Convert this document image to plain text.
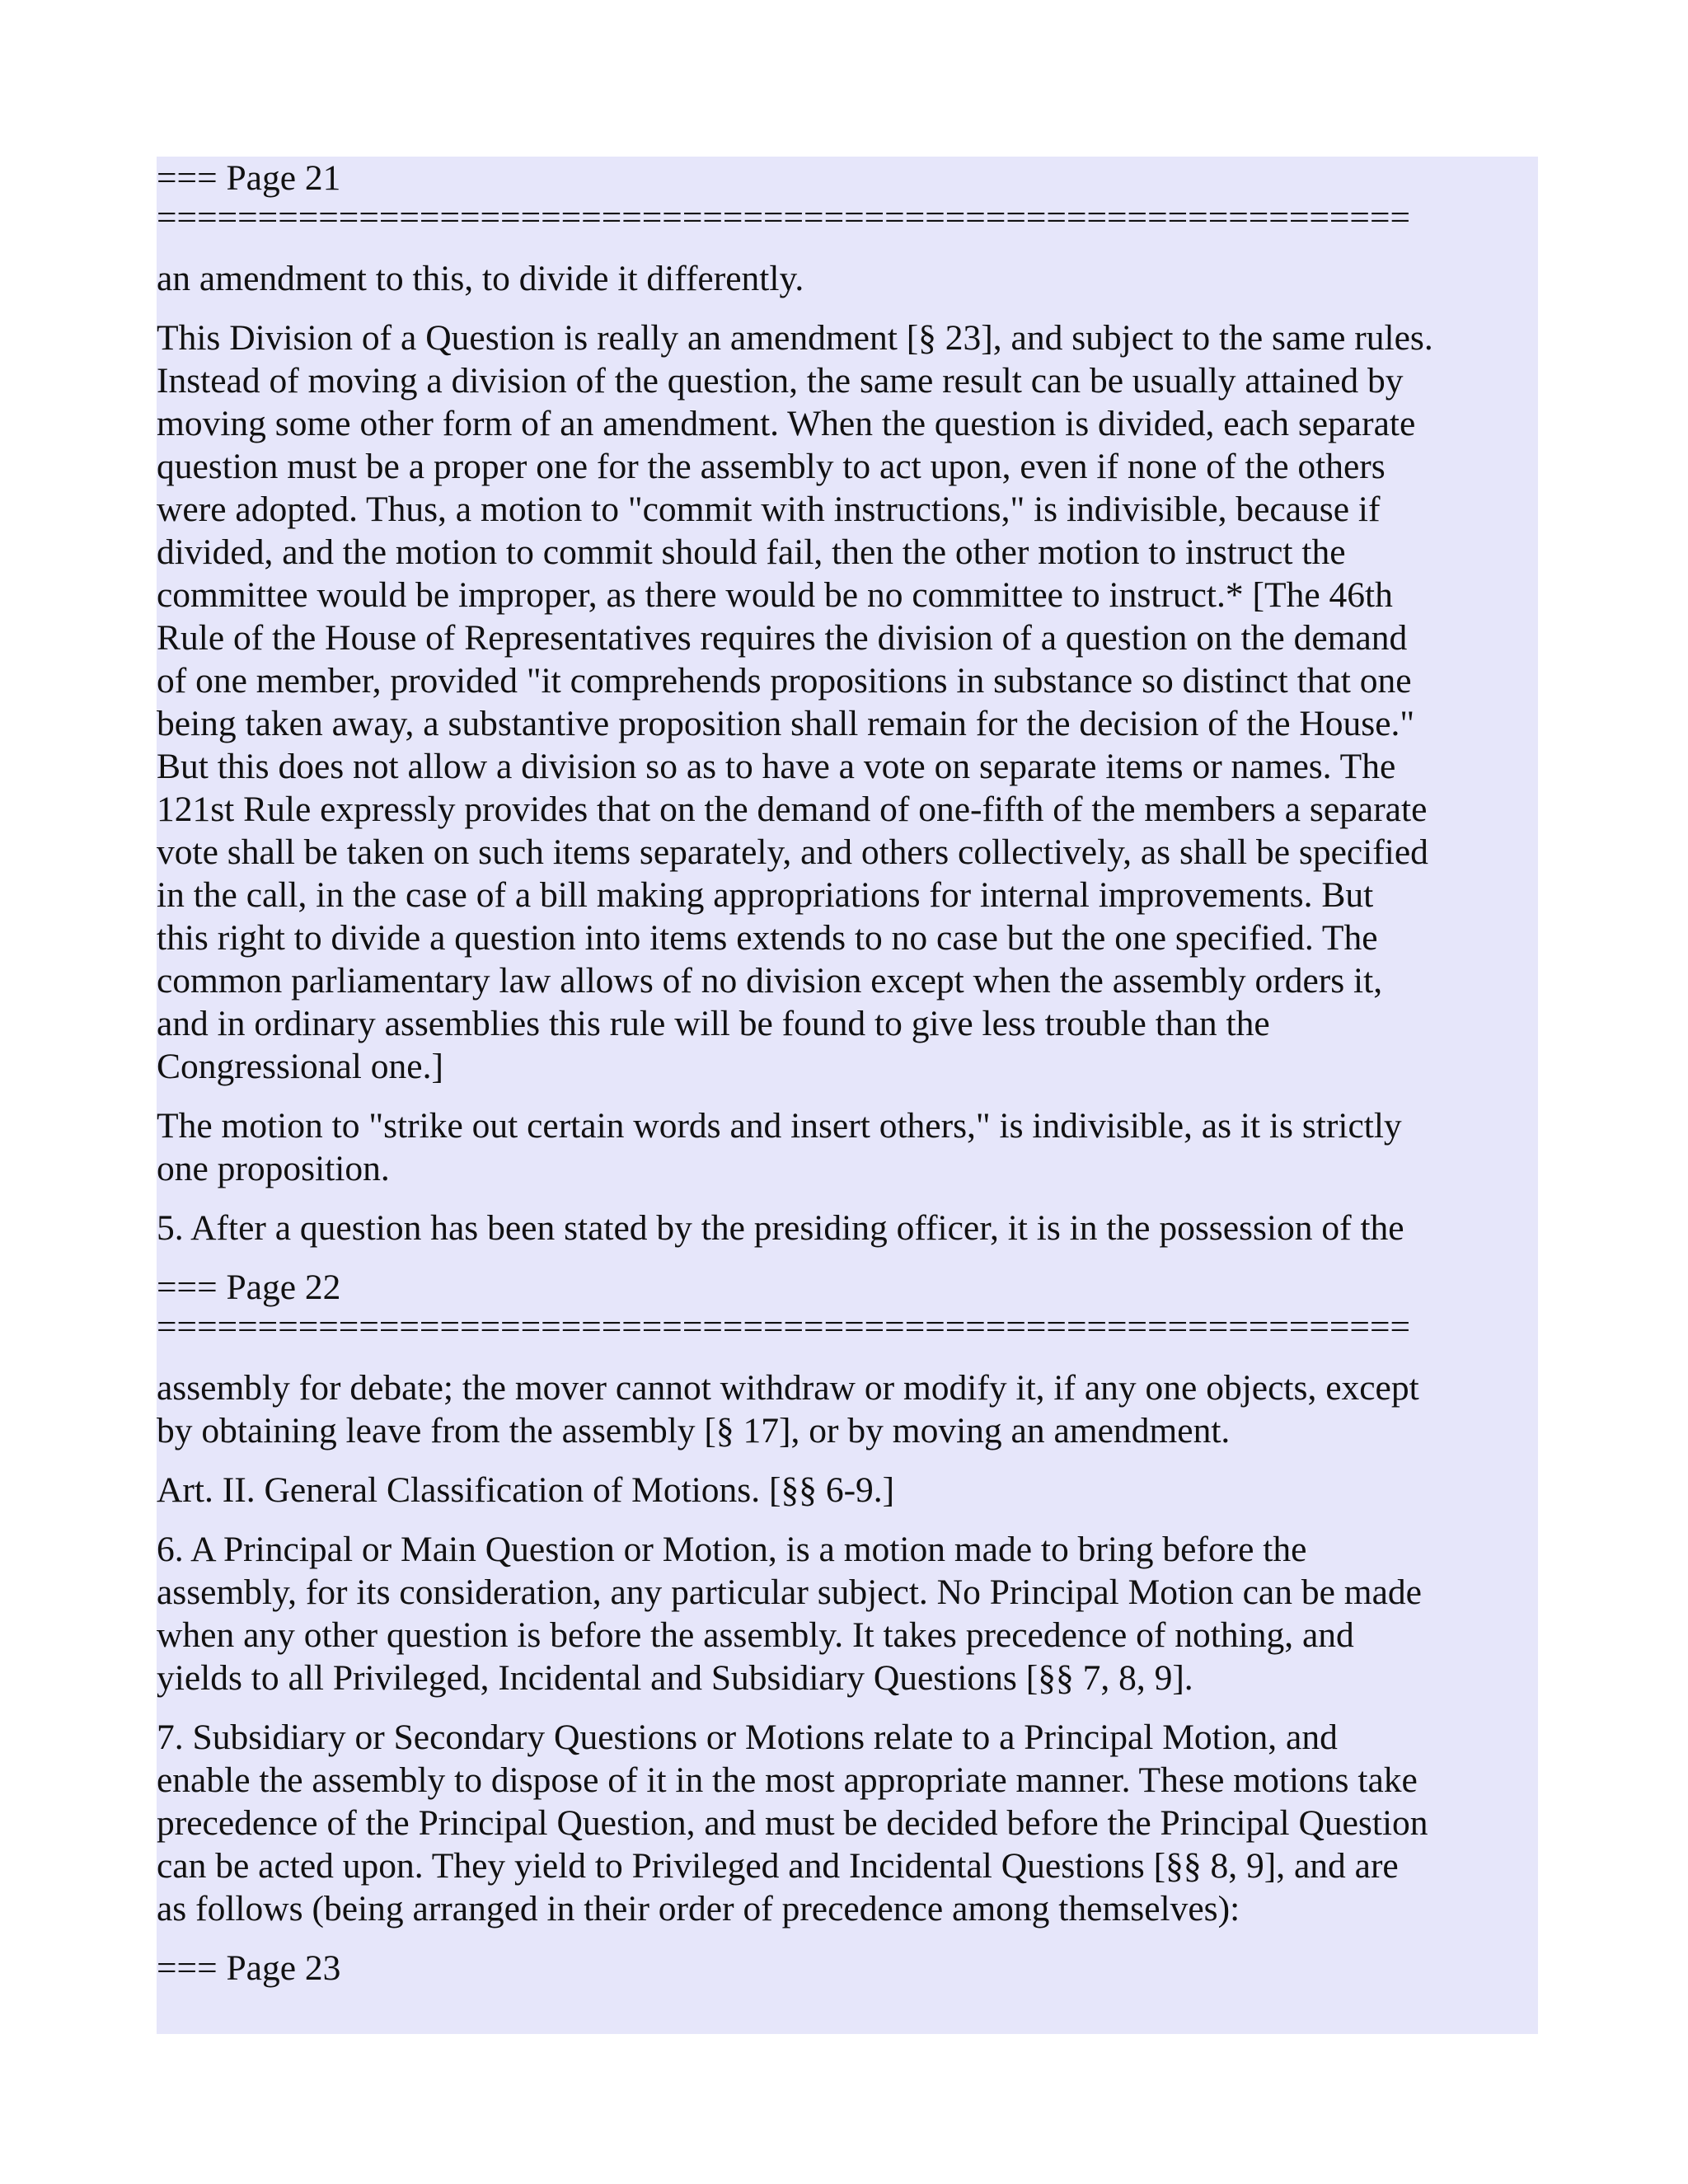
=== Page 21
==============================================================
an amendment to this, to divide it differently.
This Division of a Question is really an amendment [§ 23], and subject to the same rules.
Instead of moving a division of the question, the same result can be usually attained by
moving some other form of an amendment. When the question is divided, each separate
question must be a proper one for the assembly to act upon, even if none of the others
were adopted. Thus, a motion to "commit with instructions," is indivisible, because if
divided, and the motion to commit should fail, then the other motion to instruct the
committee would be improper, as there would be no committee to instruct.* [The 46th
Rule of the House of Representatives requires the division of a question on the demand
of one member, provided "it comprehends propositions in substance so distinct that one
being taken away, a substantive proposition shall remain for the decision of the House."
But this does not allow a division so as to have a vote on separate items or names. The
121st Rule expressly provides that on the demand of one-fifth of the members a separate
vote shall be taken on such items separately, and others collectively, as shall be specified
in the call, in the case of a bill making appropriations for internal improvements. But
this right to divide a question into items extends to no case but the one specified. The
common parliamentary law allows of no division except when the assembly orders it,
and in ordinary assemblies this rule will be found to give less trouble than the
Congressional one.]
The motion to "strike out certain words and insert others," is indivisible, as it is strictly
one proposition.
5. After a question has been stated by the presiding officer, it is in the possession of the
=== Page 22
==============================================================
assembly for debate; the mover cannot withdraw or modify it, if any one objects, except
by obtaining leave from the assembly [§ 17], or by moving an amendment.
Art. II. General Classification of Motions. [§§ 6-9.]
6. A Principal or Main Question or Motion, is a motion made to bring before the
assembly, for its consideration, any particular subject. No Principal Motion can be made
when any other question is before the assembly. It takes precedence of nothing, and
yields to all Privileged, Incidental and Subsidiary Questions [§§ 7, 8, 9].
7. Subsidiary or Secondary Questions or Motions relate to a Principal Motion, and
enable the assembly to dispose of it in the most appropriate manner. These motions take
precedence of the Principal Question, and must be decided before the Principal Question
can be acted upon. They yield to Privileged and Incidental Questions [§§ 8, 9], and are
as follows (being arranged in their order of precedence among themselves):
=== Page 23
